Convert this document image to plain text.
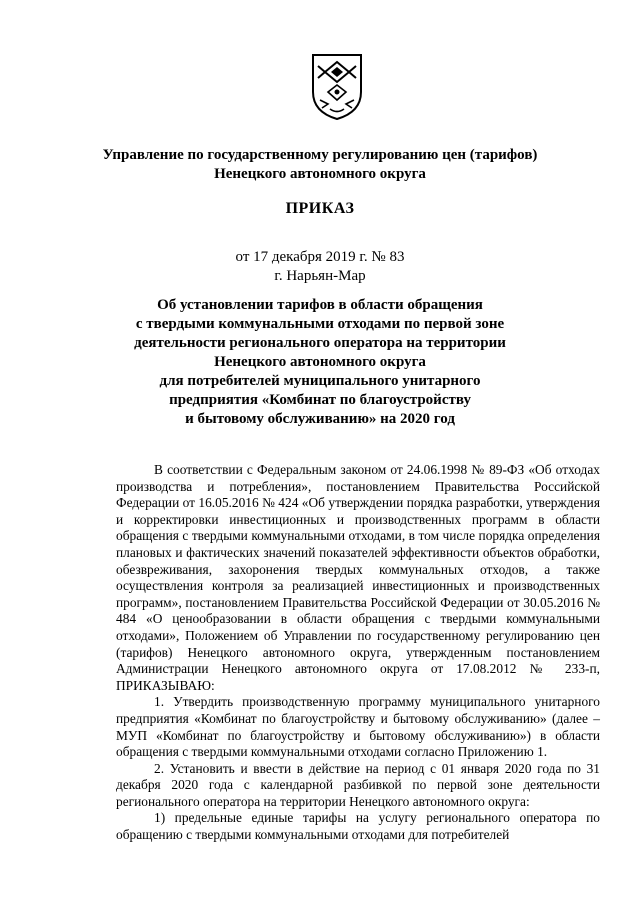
Управление по государственному регулированию цен (тарифов)
Ненецкого автономного округа
ПРИКАЗ
от 17 декабря 2019 г. № 83
г. Нарьян-Мар
Об установлении тарифов в области обращения
с твердыми коммунальными отходами по первой зоне
деятельности регионального оператора на территории
Ненецкого автономного округа
для потребителей муниципального унитарного
предприятия «Комбинат по благоустройству
и бытовому обслуживанию» на 2020 год

В соответствии с Федеральным законом от 24.06.1998 № 89-ФЗ «Об отходах производства и потребления», постановлением Правительства Российской Федерации от 16.05.2016 № 424 «Об утверждении порядка разработки, утверждения и корректировки инвестиционных и производственных программ в области обращения с твердыми коммунальными отходами, в том числе порядка определения плановых и фактических значений показателей эффективности объектов обработки, обезвреживания, захоронения твердых коммунальных отходов, а также осуществления контроля за реализацией инвестиционных и производственных программ», постановлением Правительства Российской Федерации от 30.05.2016 № 484 «О ценообразовании в области обращения с твердыми коммунальными отходами», Положением об Управлении по государственному регулированию цен (тарифов) Ненецкого автономного округа, утвержденным постановлением Администрации Ненецкого автономного округа от 17.08.2012 № 233-п, ПРИКАЗЫВАЮ:

1. Утвердить производственную программу муниципального унитарного предприятия «Комбинат по благоустройству и бытовому обслуживанию» (далее – МУП «Комбинат по благоустройству и бытовому обслуживанию») в области обращения с твердыми коммунальными отходами согласно Приложению 1.

2. Установить и ввести в действие на период с 01 января 2020 года по 31 декабря 2020 года с календарной разбивкой по первой зоне деятельности регионального оператора на территории Ненецкого автономного округа:

1) предельные единые тарифы на услугу регионального оператора по обращению с твердыми коммунальными отходами для потребителей
